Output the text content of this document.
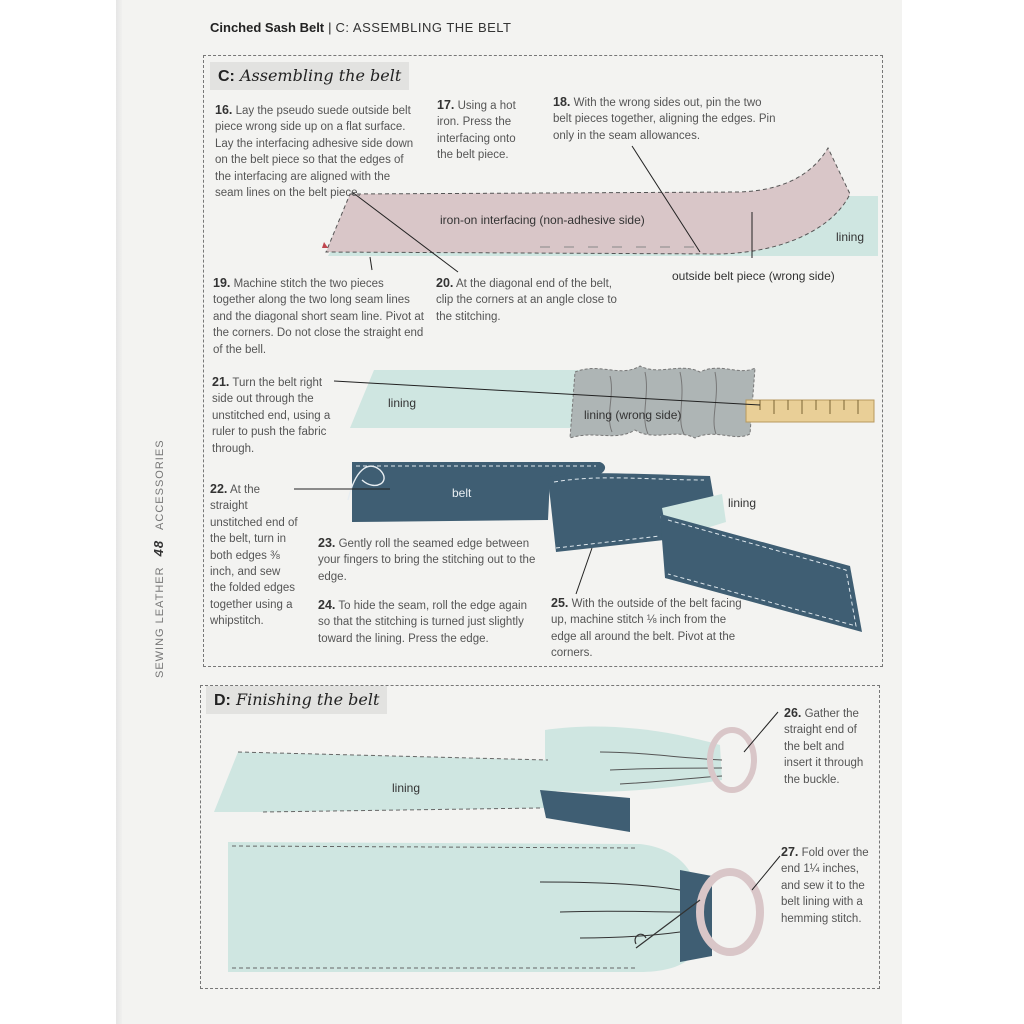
Cinched Sash Belt | C: ASSEMBLING THE BELT
SEWING LEATHER48ACCESSORIES
C: Assembling the belt
D: Finishing the belt
iron-on interfacing (non-adhesive side)
lining
outside belt piece (wrong side)
lining
lining (wrong side)
belt
lining
lining
16. Lay the pseudo suede outside belt piece wrong side up on a flat surface. Lay the interfacing adhesive side down on the belt piece so that the edges of the interfacing are aligned with the seam lines on the belt piece.
17. Using a hot iron. Press the interfacing onto the belt piece.
18. With the wrong sides out, pin the two belt pieces together, aligning the edges. Pin only in the seam allowances.
19. Machine stitch the two pieces together along the two long seam lines and the diagonal short seam line. Pivot at the corners. Do not close the straight end of the bell.
20. At the diagonal end of the belt, clip the corners at an angle close to the stitching.
21. Turn the belt right side out through the unstitched end, using a ruler to push the fabric through.
22. At the straight unstitched end of the belt, turn in both edges ⅜ inch, and sew the folded edges together using a whipstitch.
23. Gently roll the seamed edge between your fingers to bring the stitching out to the edge.
24. To hide the seam, roll the edge again so that the stitching is turned just slightly toward the lining. Press the edge.
25. With the outside of the belt facing up, machine stitch ⅛ inch from the edge all around the belt. Pivot at the corners.
26. Gather the straight end of the belt and insert it through the buckle.
27. Fold over the end 1¼ inches, and sew it to the belt lining with a hemming stitch.
